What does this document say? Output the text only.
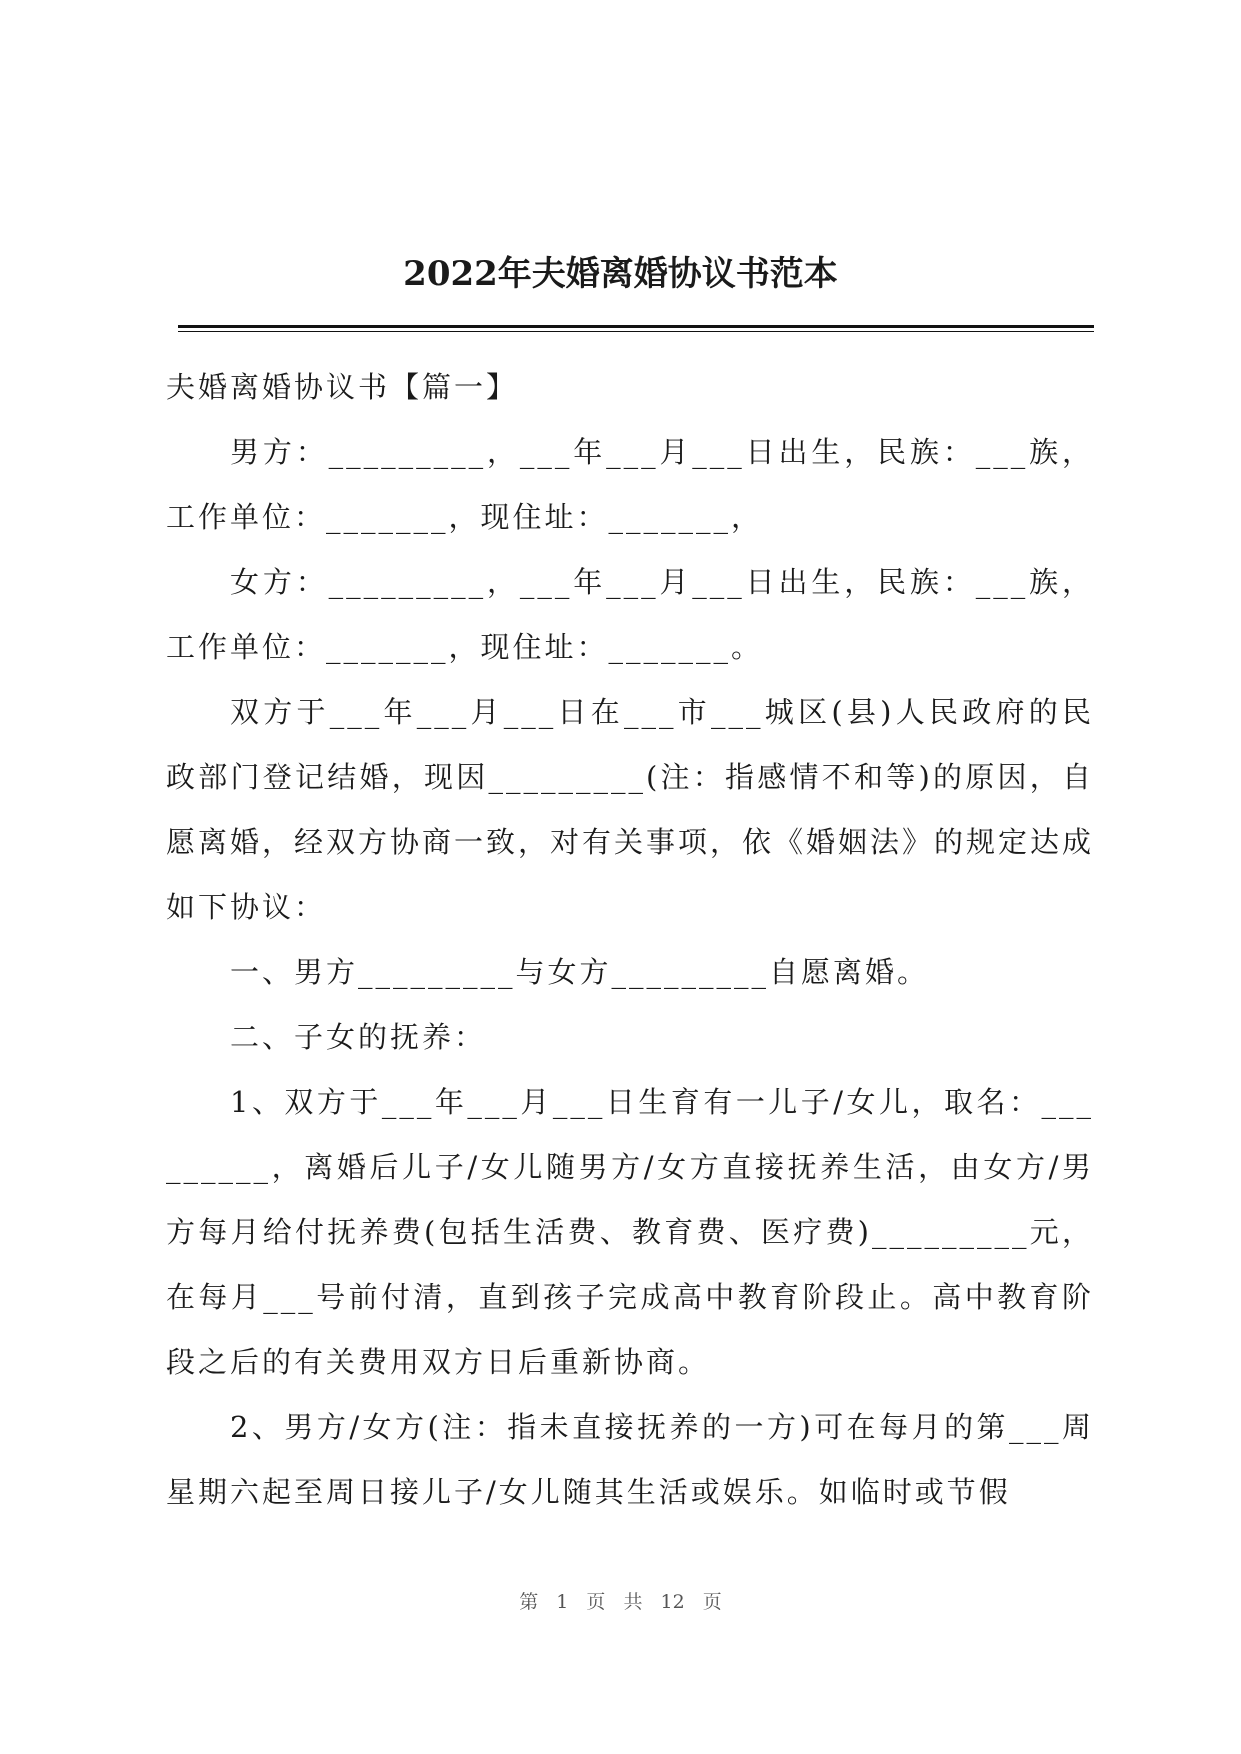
2022年夫婚离婚协议书范本

夫婚离婚协议书【篇一】

男方：_________，___年___月___日出生，民族：___族，工作单位：_______，现住址：_______，

女方：_________，___年___月___日出生，民族：___族，工作单位：_______，现住址：_______。

双方于___年___月___日在___市___城区(县)人民政府的民政部门登记结婚，现因_________(注：指感情不和等)的原因，自愿离婚，经双方协商一致，对有关事项，依《婚姻法》的规定达成如下协议：

一、男方_________与女方_________自愿离婚。

二、子女的抚养：

1、双方于___年___月___日生育有一儿子/女儿，取名：_________，离婚后儿子/女儿随男方/女方直接抚养生活，由女方/男方每月给付抚养费(包括生活费、教育费、医疗费)_________元，在每月___号前付清，直到孩子完成高中教育阶段止。高中教育阶段之后的有关费用双方日后重新协商。

2、男方/女方(注：指未直接抚养的一方)可在每月的第___周星期六起至周日接儿子/女儿随其生活或娱乐。如临时或节假

第 1 页 共 12 页
